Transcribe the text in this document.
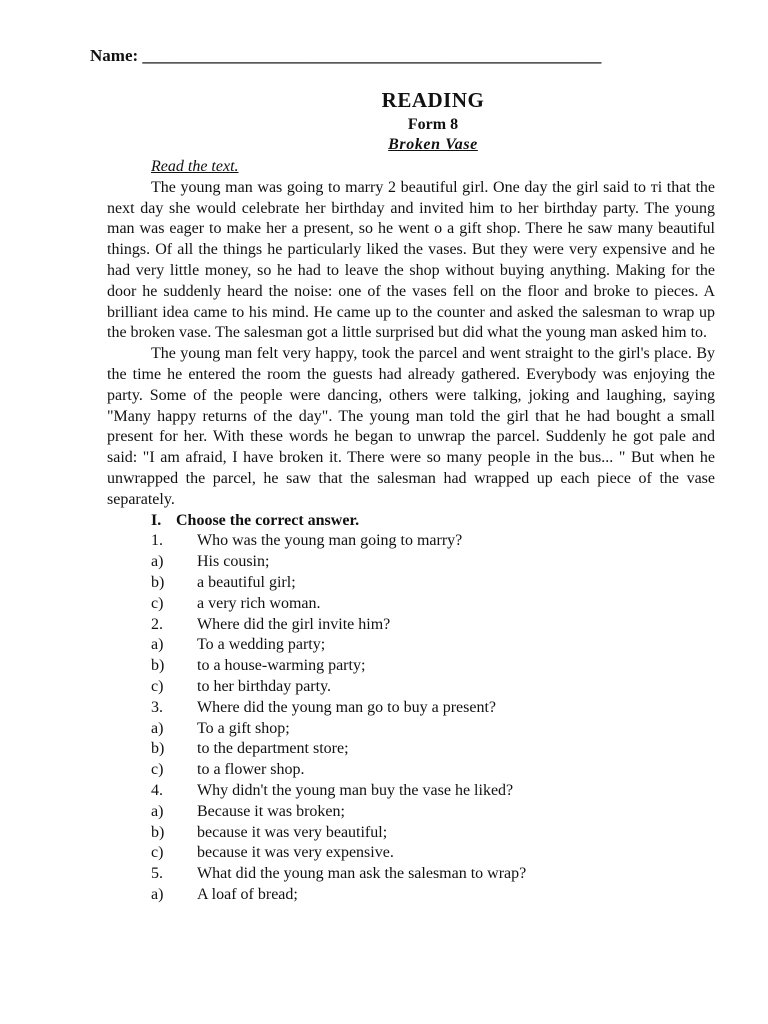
Name: ______________________________________________________
READING
Form 8
Broken Vase

Read the text.

The young man was going to marry 2 beautiful girl. One day the girl said to тi that the next day she would celebrate her birthday and invited him to her birthday party. The young man was eager to make her a present, so he went o a gift shop. There he saw many beautiful things. Of all the things he particularly liked the vases. But they were very expensive and he had very little money, so he had to leave the shop without buying anything. Making for the door he suddenly heard the noise: one of the vases fell on the floor and broke to pieces. A brilliant idea came to his mind. He came up to the counter and asked the salesman to wrap up the broken vase. The salesman got a little surprised but did what the young man asked him to.

The young man felt very happy, took the parcel and went straight to the girl's place. By the time he entered the room the guests had already gathered. Everybody was enjoying the party. Some of the people were dancing, others were talking, joking and laughing, saying "Many happy returns of the day". The young man told the girl that he had bought a small present for her. With these words he began to unwrap the parcel. Suddenly he got pale and said: "I am afraid, I have broken it. There were so many people in the bus... " But when he unwrapped the parcel, he saw that the salesman had wrapped up each piece of the vase separately.

I. Choose the correct answer.

1. Who was the young man going to marry?

a) His cousin;

b) a beautiful girl;

c) a very rich woman.

2. Where did the girl invite him?

a) To a wedding party;

b) to a house-warming party;

c) to her birthday party.

3. Where did the young man go to buy a present?

a) To a gift shop;

b) to the department store;

c) to a flower shop.

4. Why didn't the young man buy the vase he liked?

a) Because it was broken;

b) because it was very beautiful;

c) because it was very expensive.

5. What did the young man ask the salesman to wrap?

a) A loaf of bread;
